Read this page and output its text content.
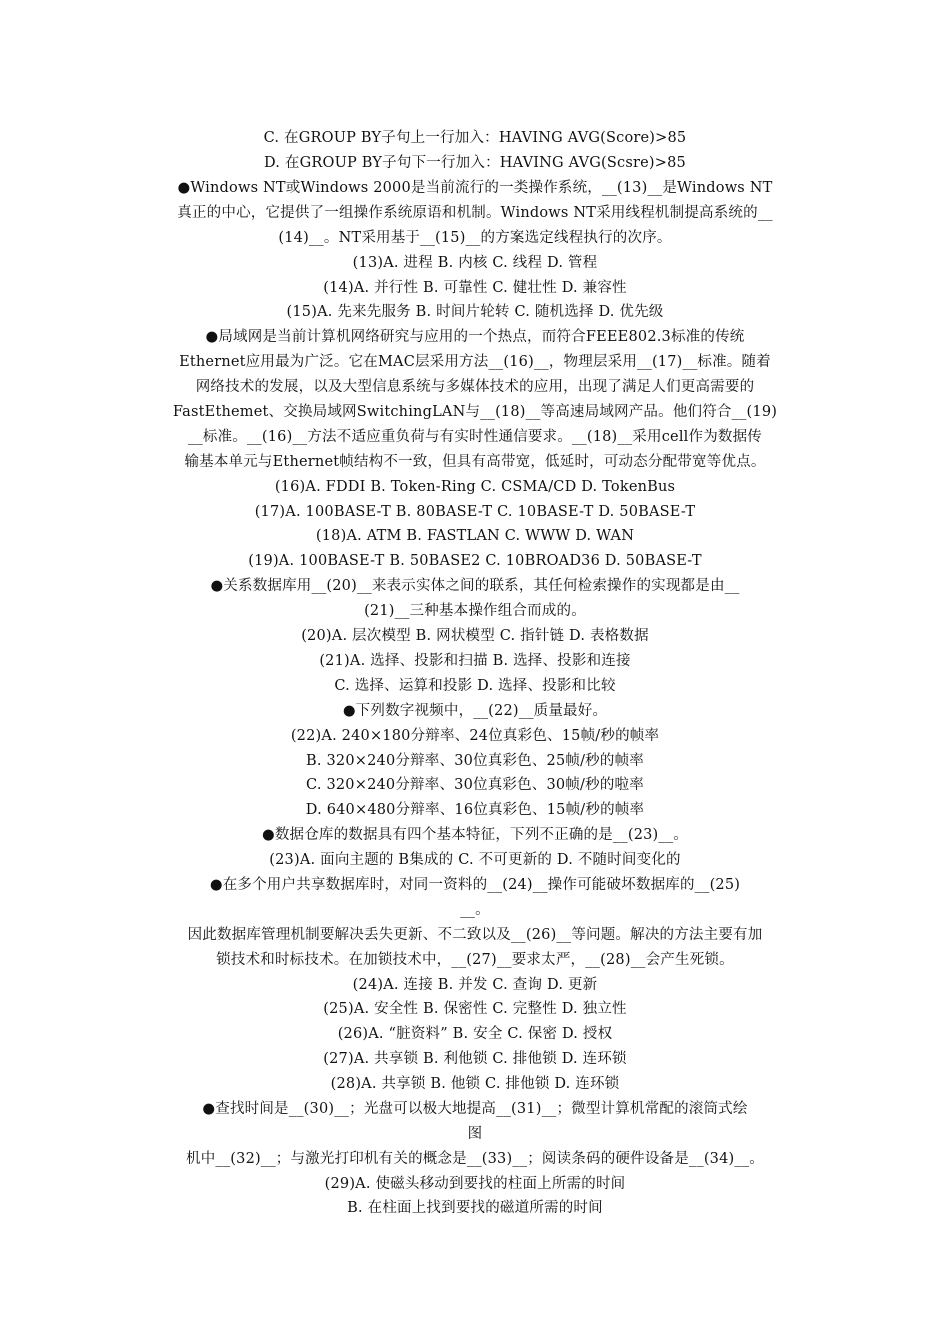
C. 在GROUP BY子句上一行加入：HAVING AVG(Score)>85
D. 在GROUP BY子句下一行加入：HAVING AVG(Scsre)>85
●Windows NT或Windows 2000是当前流行的一类操作系统，__(13)__是Windows NT
真正的中心，它提供了一组操作系统原语和机制。Windows NT采用线程机制提高系统的__
(14)__。NT采用基于__(15)__的方案选定线程执行的次序。
(13)A. 进程 B. 内核 C. 线程 D. 管程
(14)A. 并行性 B. 可靠性 C. 健壮性 D. 兼容性
(15)A. 先来先服务 B. 时间片轮转 C. 随机选择 D. 优先级
●局域网是当前计算机网络研究与应用的一个热点，而符合FEEE802.3标准的传统
Ethernet应用最为广泛。它在MAC层采用方法__(16)__，物理层采用__(17)__标准。随着
网络技术的发展，以及大型信息系统与多媒体技术的应用，出现了满足人们更高需要的
FastEthemet、交换局域网SwitchingLAN与__(18)__等高速局域网产品。他们符合__(19)
__标准。__(16)__方法不适应重负荷与有实时性通信要求。__(18)__采用cell作为数据传
输基本单元与Ethernet帧结构不一致，但具有高带宽，低延时，可动态分配带宽等优点。
(16)A. FDDI B. Token-Ring C. CSMA/CD D. TokenBus
(17)A. 100BASE-T B. 80BASE-T C. 10BASE-T D. 50BASE-T
(18)A. ATM B. FASTLAN C. WWW D. WAN
(19)A. 100BASE-T B. 50BASE2 C. 10BROAD36 D. 50BASE-T
●关系数据库用__(20)__来表示实体之间的联系，其任何检索操作的实现都是由__
(21)__三种基本操作组合而成的。
(20)A. 层次模型 B. 网状模型 C. 指针链 D. 表格数据
(21)A. 选择、投影和扫描 B. 选择、投影和连接
C. 选择、运算和投影 D. 选择、投影和比较
●下列数字视频中，__(22)__质量最好。
(22)A. 240×180分辩率、24位真彩色、15帧/秒的帧率
B. 320×240分辩率、30位真彩色、25帧/秒的帧率
C. 320×240分辩率、30位真彩色、30帧/秒的啦率
D. 640×480分辩率、16位真彩色、15帧/秒的帧率
●数据仓库的数据具有四个基本特征，下列不正确的是__(23)__。
(23)A. 面向主题的 B集成的 C. 不可更新的 D. 不随时间变化的
●在多个用户共享数据库时，对同一资料的__(24)__操作可能破坏数据库的__(25)
__。
因此数据库管理机制要解决丢失更新、不二致以及__(26)__等问题。解决的方法主要有加
锁技术和时标技术。在加锁技术中，__(27)__要求太严，__(28)__会产生死锁。
(24)A. 连接 B. 并发 C. 查询 D. 更新
(25)A. 安全性 B. 保密性 C. 完整性 D. 独立性
(26)A. “脏资料” B. 安全 C. 保密 D. 授权
(27)A. 共享锁 B. 利他锁 C. 排他锁 D. 连环锁
(28)A. 共享锁 B. 他锁 C. 排他锁 D. 连环锁
●查找时间是__(30)__；光盘可以极大地提高__(31)__；微型计算机常配的滚筒式绘
图
机中__(32)__；与激光打印机有关的概念是__(33)__；阅读条码的硬件设备是__(34)__。
(29)A. 使磁头移动到要找的柱面上所需的时间
B. 在柱面上找到要找的磁道所需的时间
